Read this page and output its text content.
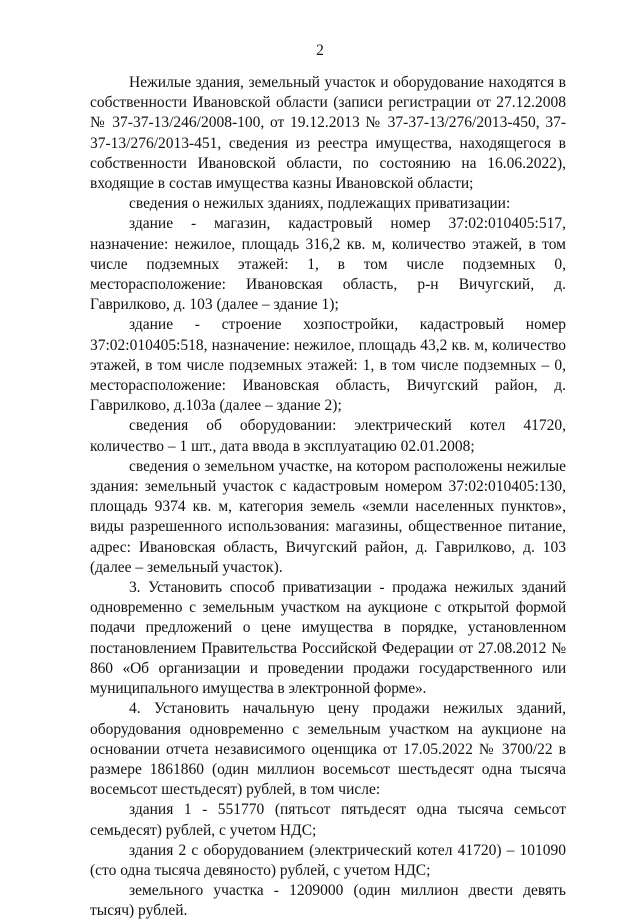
2

Нежилые здания, земельный участок и оборудование находятся в собственности Ивановской области (записи регистрации от 27.12.2008 № 37-37-13/246/2008-100, от 19.12.2013 № 37-37-13/276/2013-450, 37-37-13/276/2013-451, сведения из реестра имущества, находящегося в собственности Ивановской области, по состоянию на 16.06.2022), входящие в состав имущества казны Ивановской области;

сведения о нежилых зданиях, подлежащих приватизации:

здание - магазин, кадастровый номер 37:02:010405:517, назначение: нежилое, площадь 316,2 кв. м, количество этажей, в том числе подземных этажей: 1, в том числе подземных 0, месторасположение: Ивановская область, р-н Вичугский, д. Гаврилково, д. 103 (далее – здание 1);

здание - строение хозпостройки, кадастровый номер 37:02:010405:518, назначение: нежилое, площадь 43,2 кв. м, количество этажей, в том числе подземных этажей: 1, в том числе подземных – 0, месторасположение: Ивановская область, Вичугский район, д. Гаврилково, д.103а (далее – здание 2);

сведения об оборудовании: электрический котел 41720, количество – 1 шт., дата ввода в эксплуатацию 02.01.2008;

сведения о земельном участке, на котором расположены нежилые здания: земельный участок с кадастровым номером 37:02:010405:130, площадь 9374 кв. м, категория земель «земли населенных пунктов», виды разрешенного использования: магазины, общественное питание, адрес: Ивановская область, Вичугский район, д. Гаврилково, д. 103 (далее – земельный участок).

3. Установить способ приватизации - продажа нежилых зданий одновременно с земельным участком на аукционе с открытой формой подачи предложений о цене имущества в порядке, установленном постановлением Правительства Российской Федерации от 27.08.2012 № 860 «Об организации и проведении продажи государственного или муниципального имущества в электронной форме».

4. Установить начальную цену продажи нежилых зданий, оборудования одновременно с земельным участком на аукционе на основании отчета независимого оценщика от 17.05.2022 № 3700/22 в размере 1861860 (один миллион восемьсот шестьдесят одна тысяча восемьсот шестьдесят) рублей, в том числе:

здания 1 - 551770 (пятьсот пятьдесят одна тысяча семьсот семьдесят) рублей, с учетом НДС;

здания 2 с оборудованием (электрический котел 41720) – 101090 (сто одна тысяча девяносто) рублей, с учетом НДС;

земельного участка - 1209000 (один миллион двести девять тысяч) рублей.
